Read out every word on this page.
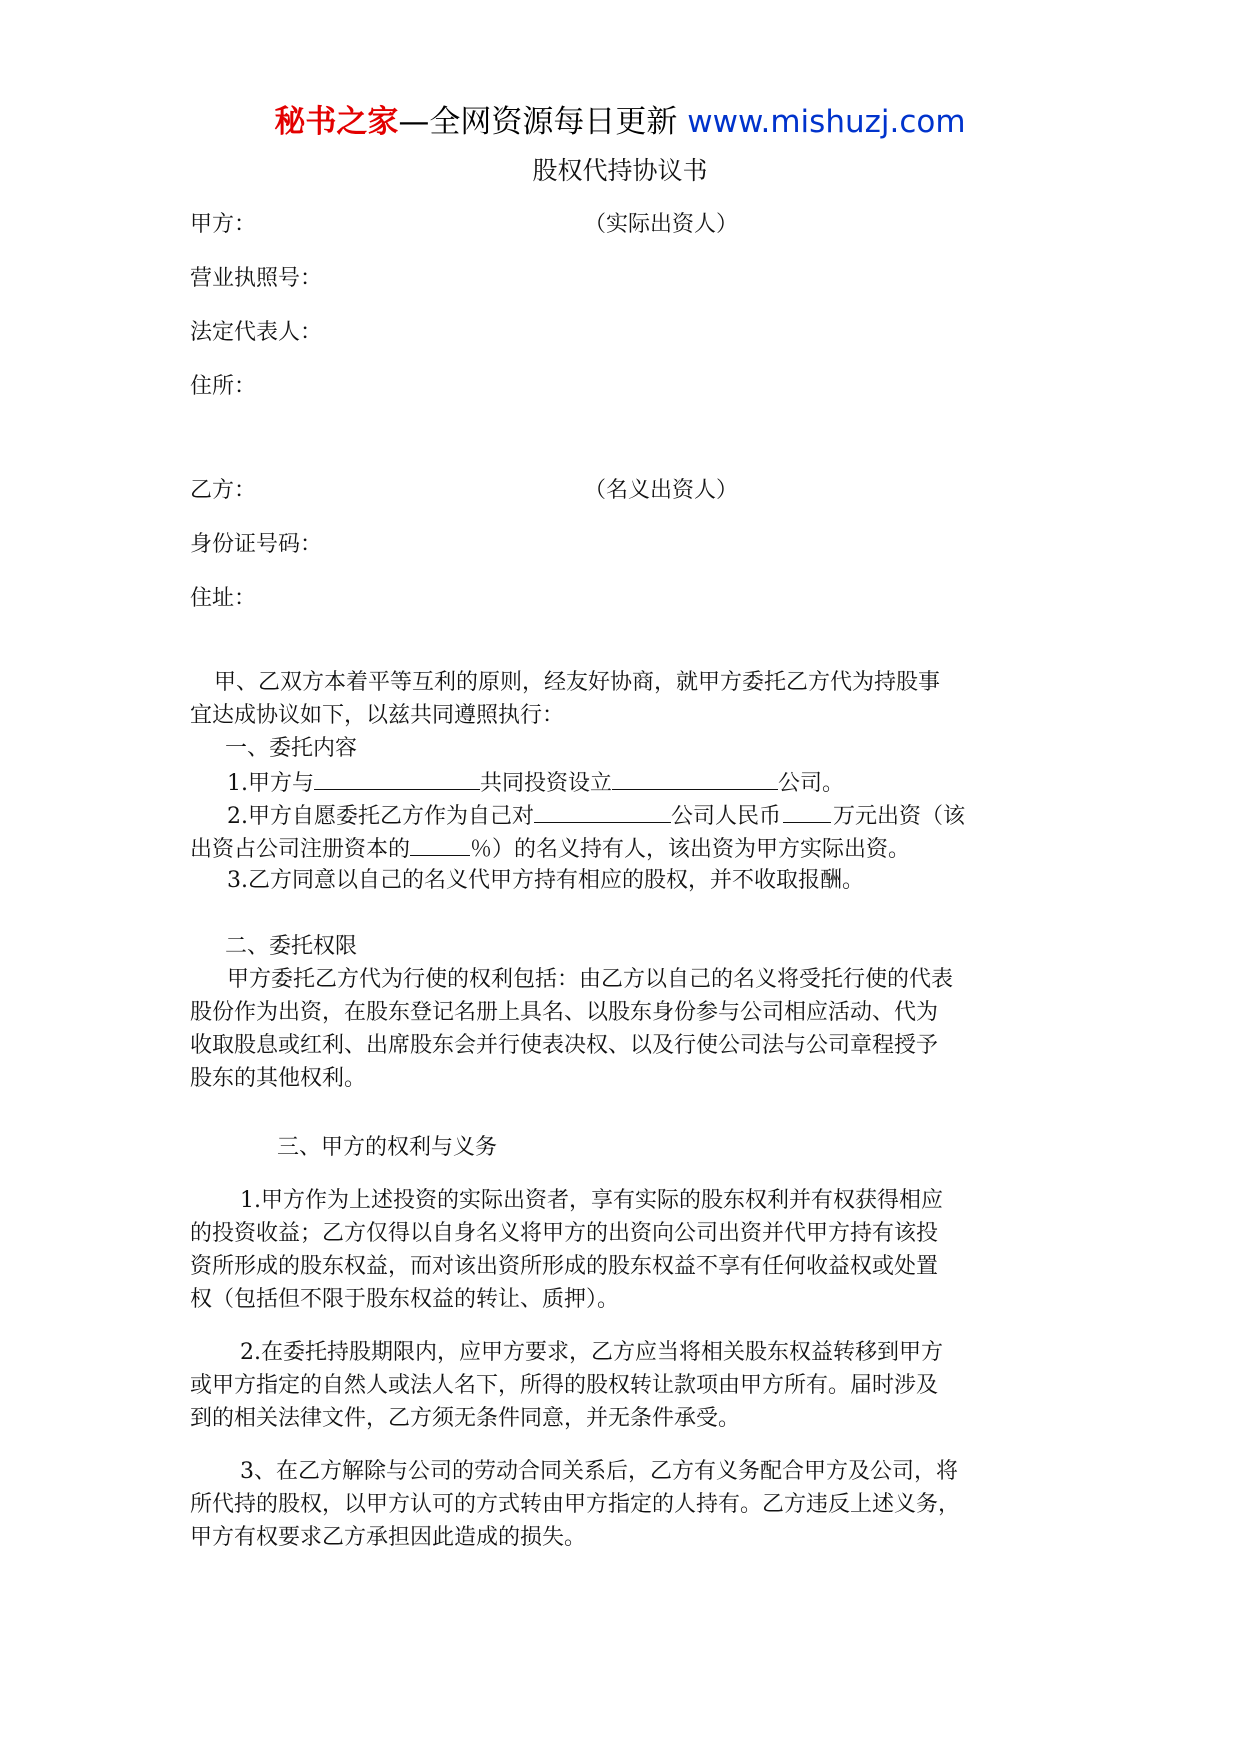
秘书之家—全网资源每日更新 www.mishuzj.com
股权代持协议书
甲方：	（实际出资人）
营业执照号：
法定代表人：
住所：
乙方：	（名义出资人）
身份证号码：
住址：
甲、乙双方本着平等互利的原则，经友好协商，就甲方委托乙方代为持股事
宜达成协议如下，以兹共同遵照执行：
一、委托内容
1.甲方与	共同投资设立	公司。
2.甲方自愿委托乙方作为自己对	公司人民币 万元出资（该
出资占公司注册资本的	％）的名义持有人，该出资为甲方实际出资。
3.乙方同意以自己的名义代甲方持有相应的股权，并不收取报酬。
二、委托权限
甲方委托乙方代为行使的权利包括：由乙方以自己的名义将受托行使的代表
股份作为出资，在股东登记名册上具名、以股东身份参与公司相应活动、代为
收取股息或红利、出席股东会并行使表决权、以及行使公司法与公司章程授予
股东的其他权利。
三、甲方的权利与义务
1.甲方作为上述投资的实际出资者，享有实际的股东权利并有权获得相应
的投资收益；乙方仅得以自身名义将甲方的出资向公司出资并代甲方持有该投
资所形成的股东权益，而对该出资所形成的股东权益不享有任何收益权或处置
权（包括但不限于股东权益的转让、质押）。
2.在委托持股期限内，应甲方要求，乙方应当将相关股东权益转移到甲方
或甲方指定的自然人或法人名下，所得的股权转让款项由甲方所有。届时涉及
到的相关法律文件，乙方须无条件同意，并无条件承受。
3、在乙方解除与公司的劳动合同关系后，乙方有义务配合甲方及公司，将
所代持的股权，以甲方认可的方式转由甲方指定的人持有。乙方违反上述义务，
甲方有权要求乙方承担因此造成的损失。
